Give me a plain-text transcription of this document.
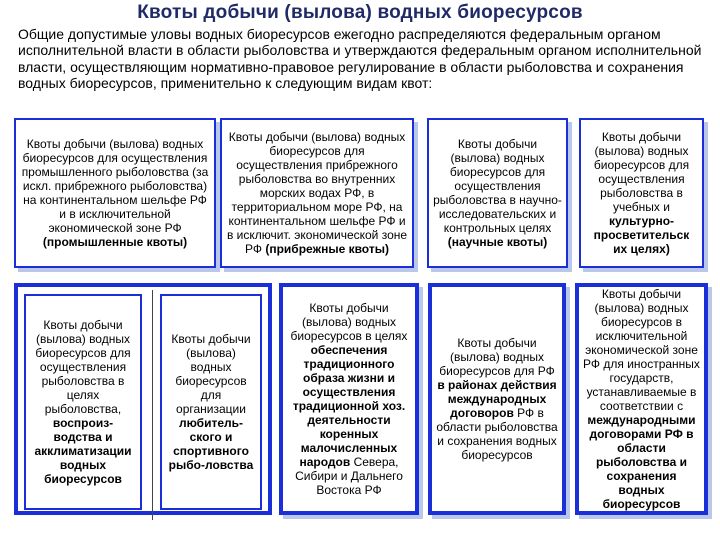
Квоты добычи (вылова) водных биоресурсов
Общие допустимые уловы водных биоресурсов ежегодно распределяются федеральным органом исполнительной власти в области рыболовства и утверждаются федеральным органом исполнительной власти, осуществляющим нормативно-правовое регулирование в области рыболовства и сохранения водных биоресурсов, применительно к следующим видам квот:
Квоты добычи (вылова) водных биоресурсов для осуществления промышленного рыболовства (за искл. прибрежного рыболовства) на континентальном шельфе РФ и в исключительной экономической зоне РФ (промышленные квоты)
Квоты добычи (вылова) водных биоресурсов для осуществления прибрежного рыболовства во внутренних морских водах РФ, в территориальном море РФ, на континентальном шельфе РФ и в исключит. экономической зоне РФ (прибрежные квоты)
Квоты добычи (вылова) водных биоресурсов для осуществления рыболовства в научно-исследовательских и контрольных целях (научные квоты)
Квоты добычи (вылова) водных биоресурсов для осуществления рыболовства в учебных и культурно-просветительск их целях)
Квоты добычи (вылова) водных биоресурсов для осуществления рыболовства в целях рыболовства, воспроиз-водства и акклиматизации водных биоресурсов
Квоты добычи (вылова) водных биоресурсов для организации любитель-ского и спортивного рыбо-ловства
Квоты добычи (вылова) водных биоресурсов в целях обеспечения традиционного образа жизни и осуществления традиционной хоз. деятельности коренных малочисленных народов Севера, Сибири и Дальнего Востока РФ
Квоты добычи (вылова) водных биоресурсов для РФ в районах действия международных договоров РФ в области рыболовства и сохранения водных биоресурсов
Квоты добычи (вылова) водных биоресурсов в исключительной экономической зоне РФ для иностранных государств, устанавливаемые в соответствии с международными договорами РФ в области рыболовства и сохранения водных биоресурсов
